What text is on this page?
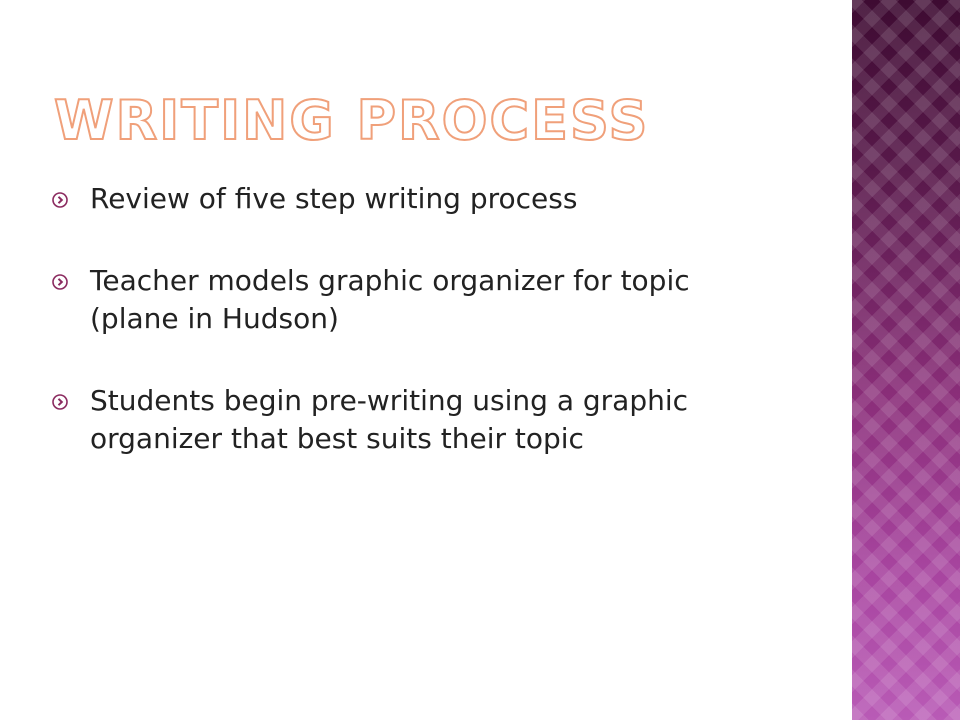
WRITING PROCESS
Review of five step writing process
Teacher models graphic organizer for topic
(plane in Hudson)
Students begin pre-writing using a graphic
organizer that best suits their topic
